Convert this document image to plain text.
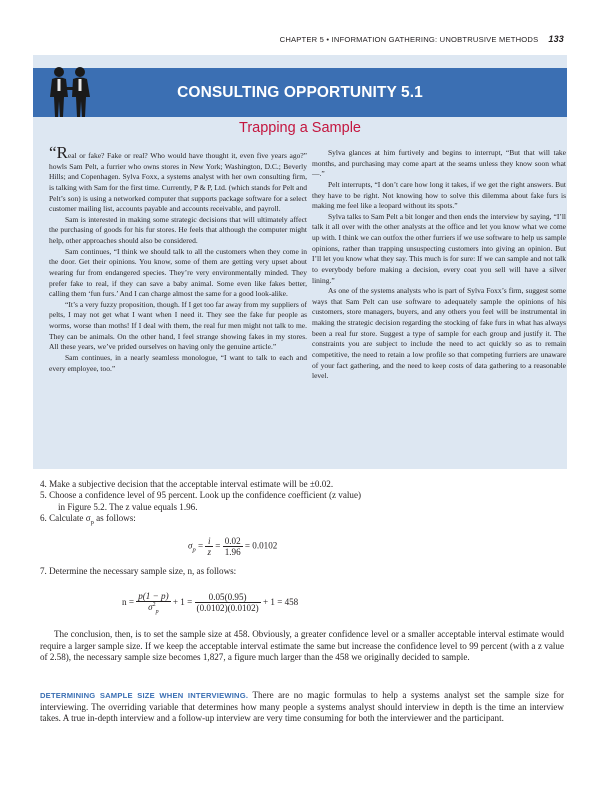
CHAPTER 5 • INFORMATION GATHERING: UNOBTRUSIVE METHODS 133
CONSULTING OPPORTUNITY 5.1
Trapping a Sample

“Real or fake? Fake or real? Who would have thought it, even five years ago?” howls Sam Pelt, a furrier who owns stores in New York; Washington, D.C.; Beverly Hills; and Copenhagen. Sylva Foxx, a systems analyst with her own consulting firm, is talking with Sam for the first time. Currently, P & P, Ltd. (which stands for Pelt and Pelt’s son) is using a networked computer that supports package software for a select customer mailing list, accounts payable and accounts receivable, and payroll.

Sam is interested in making some strategic decisions that will ultimately affect the purchasing of goods for his fur stores. He feels that although the computer might help, other approaches should also be considered.

Sam continues, “I think we should talk to all the customers when they come in the door. Get their opinions. You know, some of them are getting very upset about wearing fur from endangered species. They’re very environmentally minded. They prefer fake to real, if they can save a baby animal. Some even like fakes better, calling them ‘fun furs.’ And I can charge almost the same for a good look-alike.

“It’s a very fuzzy proposition, though. If I get too far away from my suppliers of pelts, I may not get what I want when I need it. They see the fake fur people as worms, worse than moths! If I deal with them, the real fur men might not talk to me. They can be animals. On the other hand, I feel strange showing fakes in my stores. All these years, we’ve prided ourselves on having only the genuine article.”

Sam continues, in a nearly seamless monologue, “I want to talk to each and every employee, too.”

Sylva glances at him furtively and begins to interrupt, “But that will take months, and purchasing may come apart at the seams unless they know soon what—.”

Pelt interrupts, “I don’t care how long it takes, if we get the right answers. But they have to be right. Not knowing how to solve this dilemma about fake furs is making me feel like a leopard without its spots.”

Sylva talks to Sam Pelt a bit longer and then ends the interview by saying, “I’ll talk it all over with the other analysts at the office and let you know what we come up with. I think we can outfox the other furriers if we use software to help us sample opinions, rather than trapping unsuspecting customers into giving an opinion. But I’ll let you know what they say. This much is for sure: If we can sample and not talk to everybody before making a decision, every coat you sell will have a silver lining.”

As one of the systems analysts who is part of Sylva Foxx’s firm, suggest some ways that Sam Pelt can use software to adequately sample the opinions of his customers, store managers, buyers, and any others you feel will be instrumental in making the strategic decision regarding the stocking of fake furs in what has always been a real fur store. Suggest a type of sample for each group and justify it. The constraints you are subject to include the need to act quickly so as to remain competitive, the need to retain a low profile so that competing furriers are unaware of your fact gathering, and the need to keep costs of data gathering to a reasonable level.

4. Make a subjective decision that the acceptable interval estimate will be ±0.02.
5. Choose a confidence level of 95 percent. Look up the confidence coefficient (z value)
in Figure 5.2. The z value equals 1.96.
6. Calculate $\sigma_p$ as follows:
$\sigma_p = \frac{i}{z} = \frac{0.02}{1.96} = 0.0102$
7. Determine the necessary sample size, n, as follows:
$n = \frac{p(1 - p)}{\sigma^2_p} + 1 = \frac{0.05(0.95)}{(0.0102)(0.0102)} + 1 = 458$

The conclusion, then, is to set the sample size at 458. Obviously, a greater confidence level or a smaller acceptable interval estimate would require a larger sample size. If we keep the acceptable interval estimate the same but increase the confidence level to 99 percent (with a z value of 2.58), the necessary sample size becomes 1,827, a figure much larger than the 458 we originally decided to sample.

DETERMINING SAMPLE SIZE WHEN INTERVIEWING. There are no magic formulas to help a systems analyst set the sample size for interviewing. The overriding variable that determines how many people a systems analyst should interview in depth is the time an interview takes. A true in-depth interview and a follow-up interview are very time consuming for both the interviewer and the participant.
